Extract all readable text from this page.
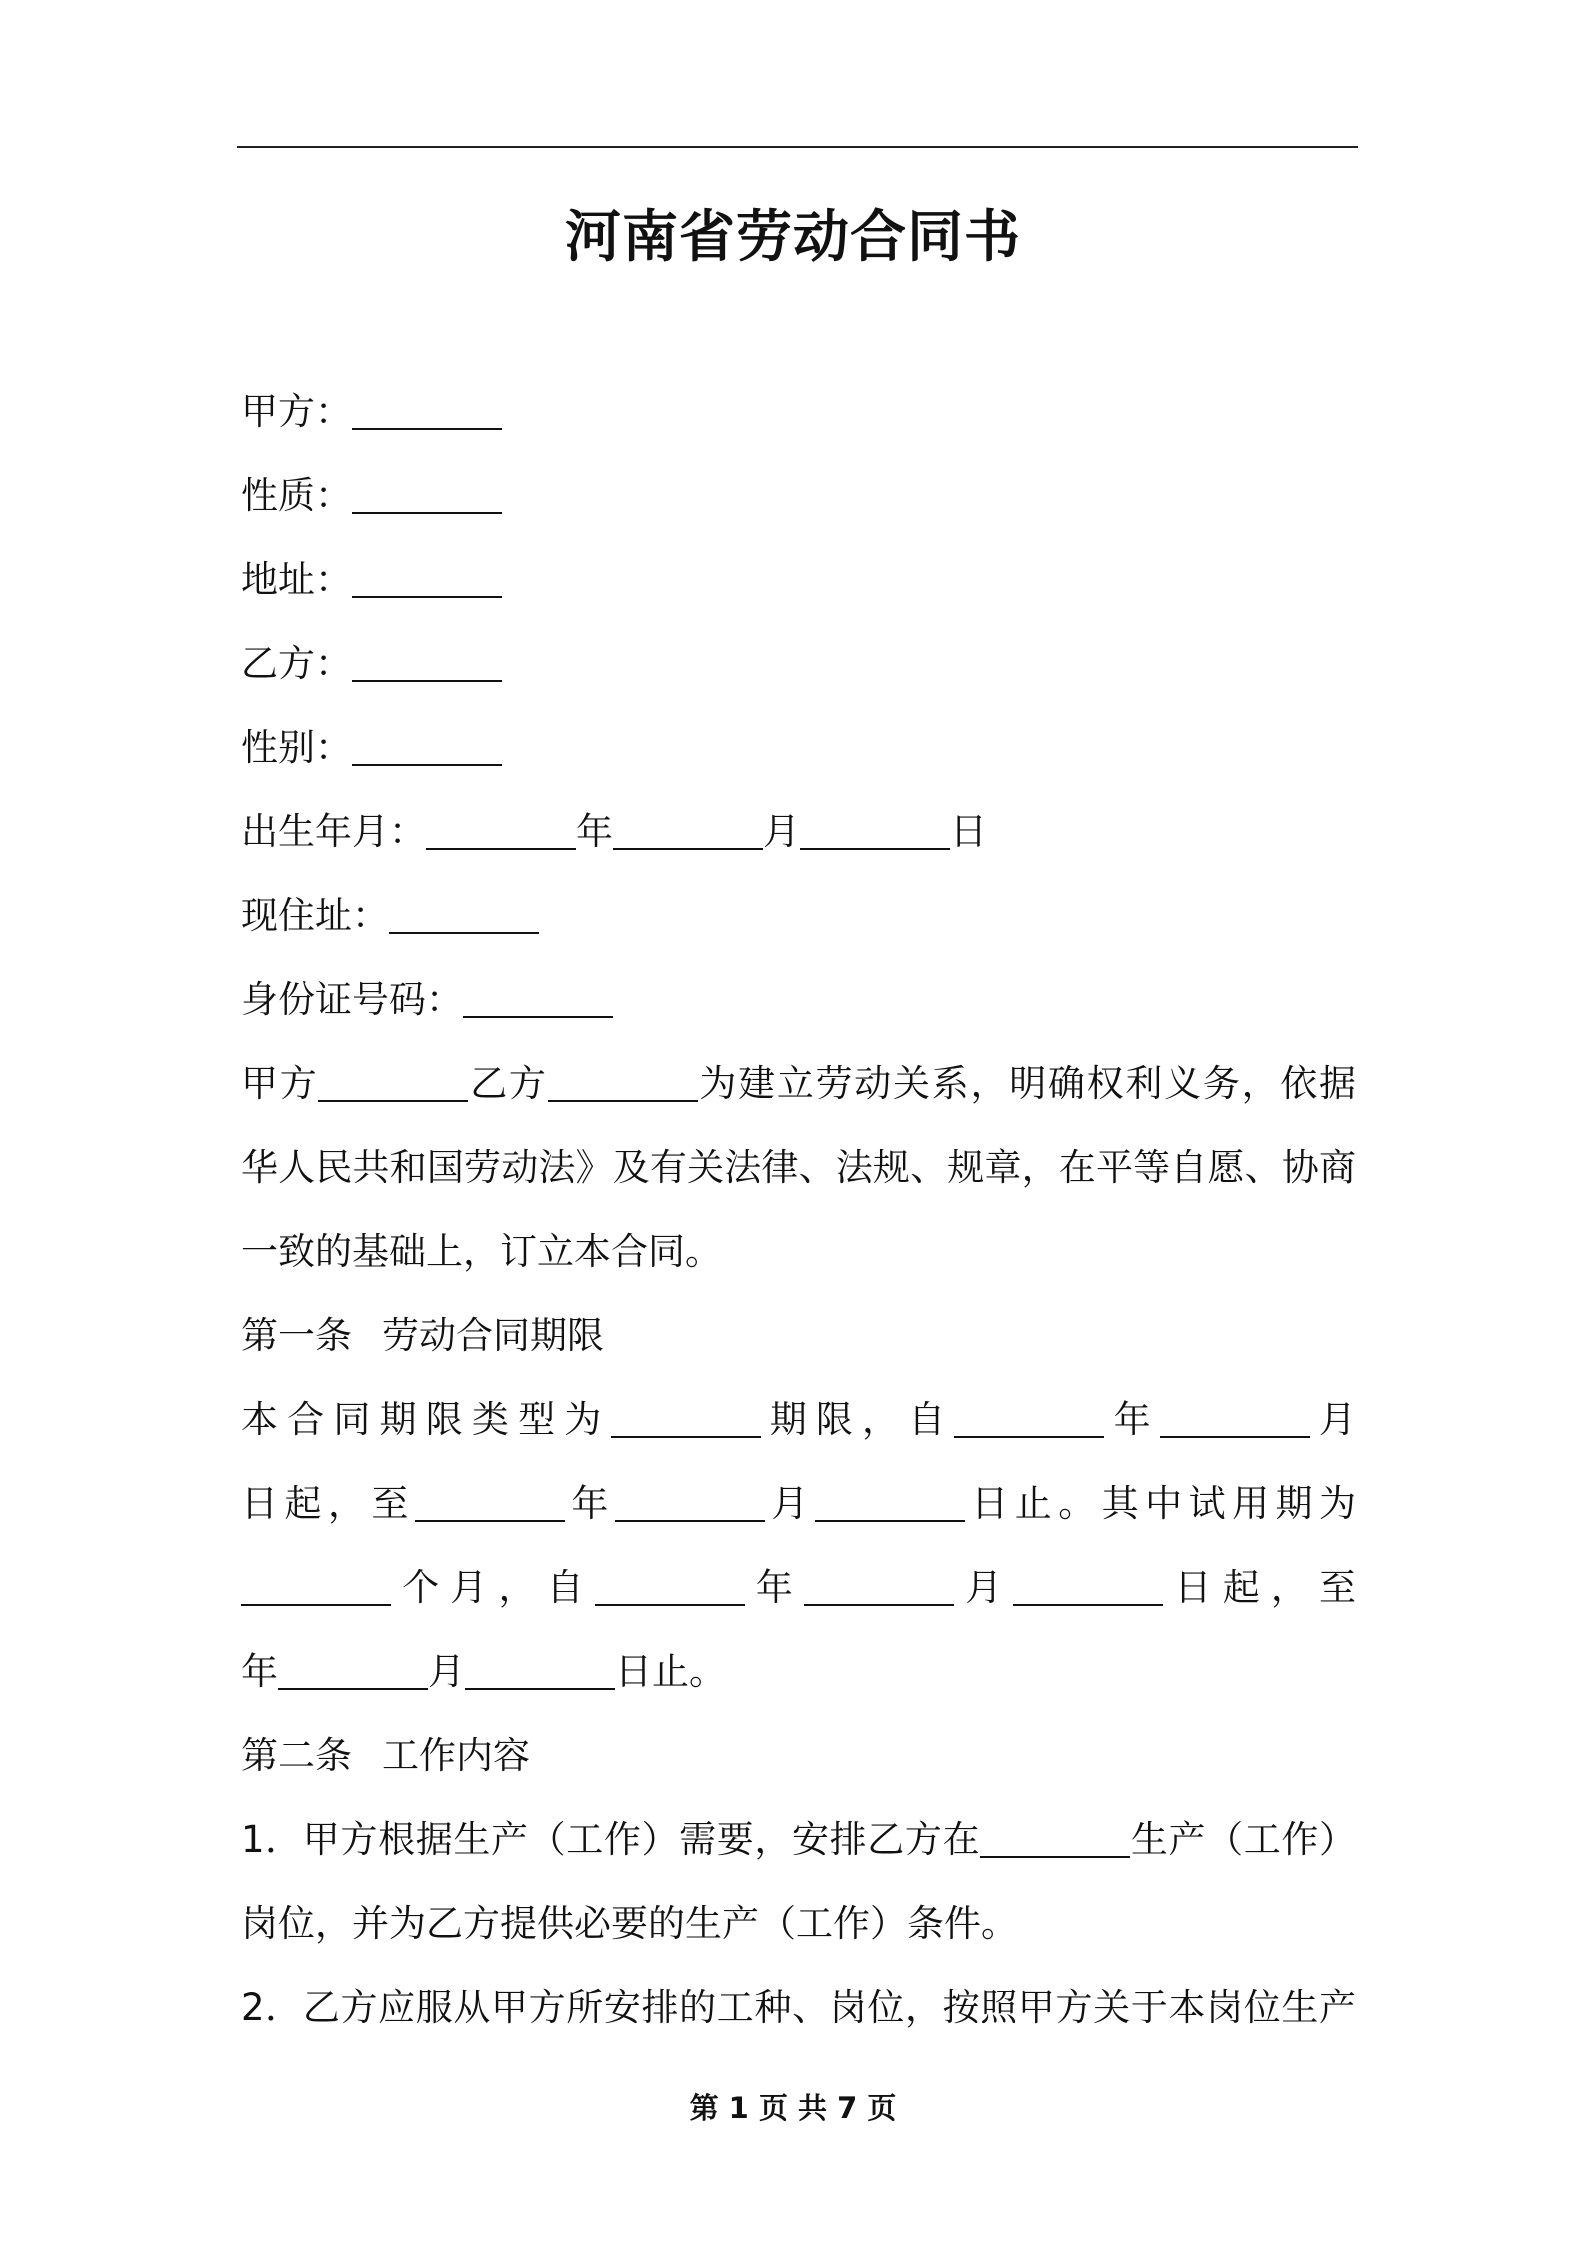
河南省劳动合同书
甲方：
性质：
地址：
乙方：
性别：
出生年月：	年	月	日
现住址：
身份证号码：
甲方	乙方	为建立劳动关系，明确权利义务，依据
华人民共和国劳动法》及有关法律、法规、规章，在平等自愿、协商
一致的基础上，订立本合同。
第一条 劳动合同期限
本合同期限类型为	期限，自	年	月
日起，至	年	月	日止。其中试用期为
个月，自	年	月	日起，至
年	月	日止。
第二条 工作内容
1．甲方根据生产（工作）需要，安排乙方在	生产（工作）
岗位，并为乙方提供必要的生产（工作）条件。
2．乙方应服从甲方所安排的工种、岗位，按照甲方关于本岗位生产
第 1 页 共 7 页
